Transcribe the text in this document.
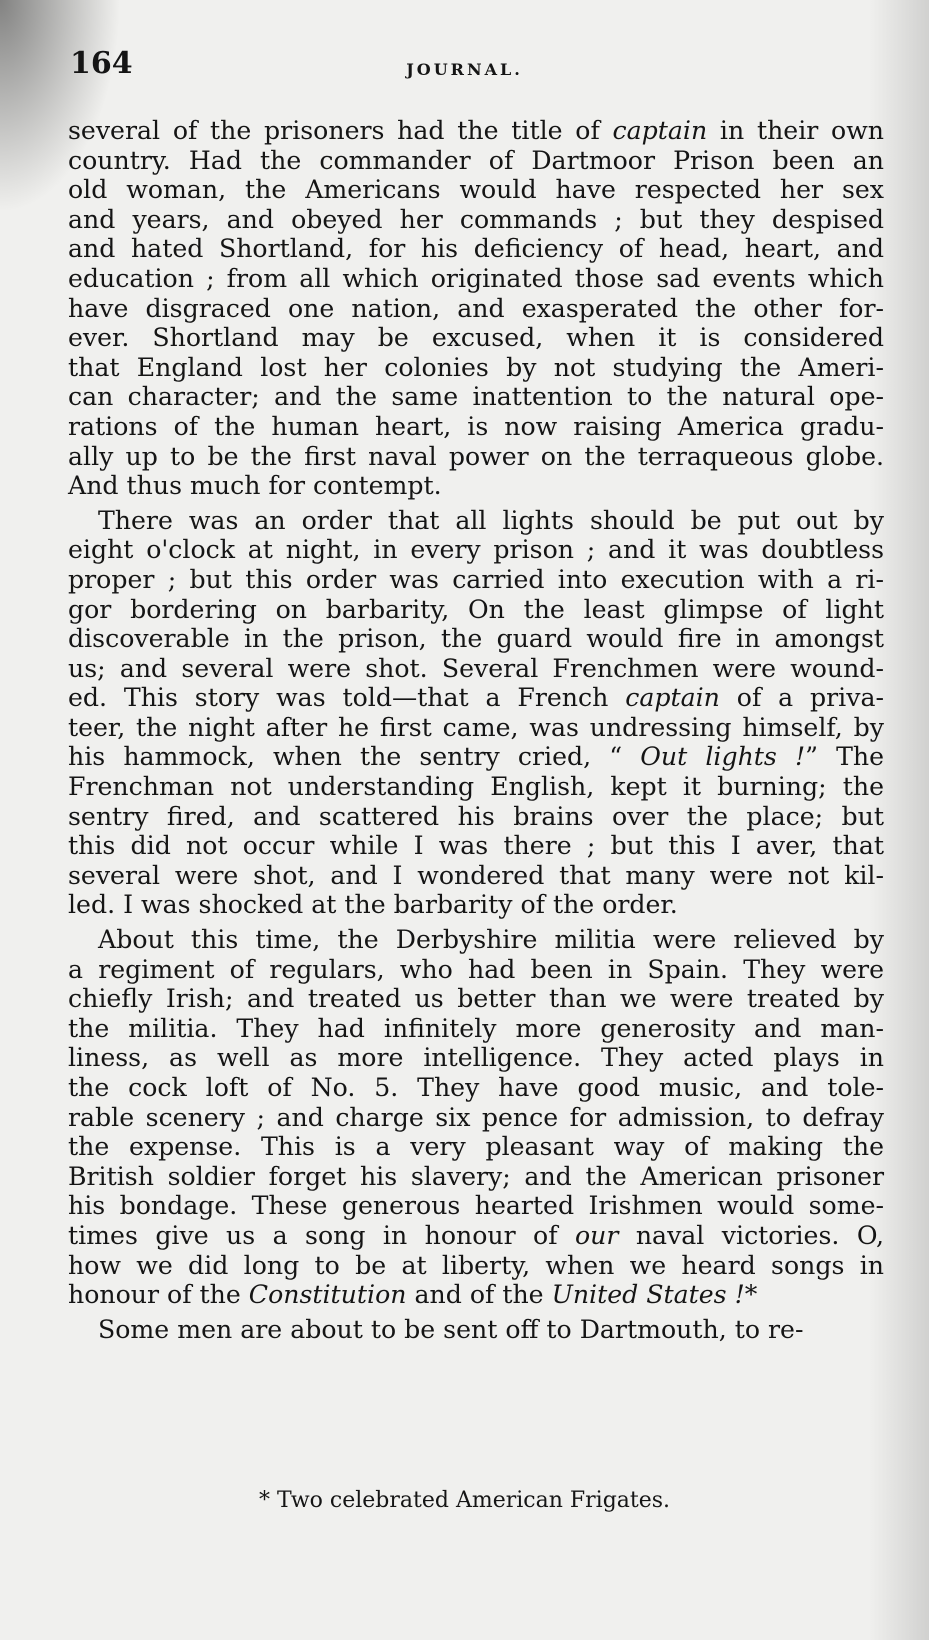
164	JOURNAL.
several of the prisoners had the title of captain in their own
country. Had the commander of Dartmoor Prison been an
old woman, the Americans would have respected her sex
and years, and obeyed her commands ; but they despised
and hated Shortland, for his deficiency of head, heart, and
education ; from all which originated those sad events which
have disgraced one nation, and exasperated the other for-
ever. Shortland may be excused, when it is considered
that England lost her colonies by not studying the Ameri-
can character; and the same inattention to the natural ope-
rations of the human heart, is now raising America gradu-
ally up to be the first naval power on the terraqueous globe.
And thus much for contempt.
There was an order that all lights should be put out by
eight o'clock at night, in every prison ; and it was doubtless
proper ; but this order was carried into execution with a ri-
gor bordering on barbarity, On the least glimpse of light
discoverable in the prison, the guard would fire in amongst
us; and several were shot. Several Frenchmen were wound-
ed. This story was told—that a French captain of a priva-
teer, the night after he first came, was undressing himself, by
his hammock, when the sentry cried, “ Out lights !” The
Frenchman not understanding English, kept it burning; the
sentry fired, and scattered his brains over the place; but
this did not occur while I was there ; but this I aver, that
several were shot, and I wondered that many were not kil-
led. I was shocked at the barbarity of the order.
About this time, the Derbyshire militia were relieved by
a regiment of regulars, who had been in Spain. They were
chiefly Irish; and treated us better than we were treated by
the militia. They had infinitely more generosity and man-
liness, as well as more intelligence. They acted plays in
the cock loft of No. 5. They have good music, and tole-
rable scenery ; and charge six pence for admission, to defray
the expense. This is a very pleasant way of making the
British soldier forget his slavery; and the American prisoner
his bondage. These generous hearted Irishmen would some-
times give us a song in honour of our naval victories. O,
how we did long to be at liberty, when we heard songs in
honour of the Constitution and of the United States !*
Some men are about to be sent off to Dartmouth, to re-
* Two celebrated American Frigates.
